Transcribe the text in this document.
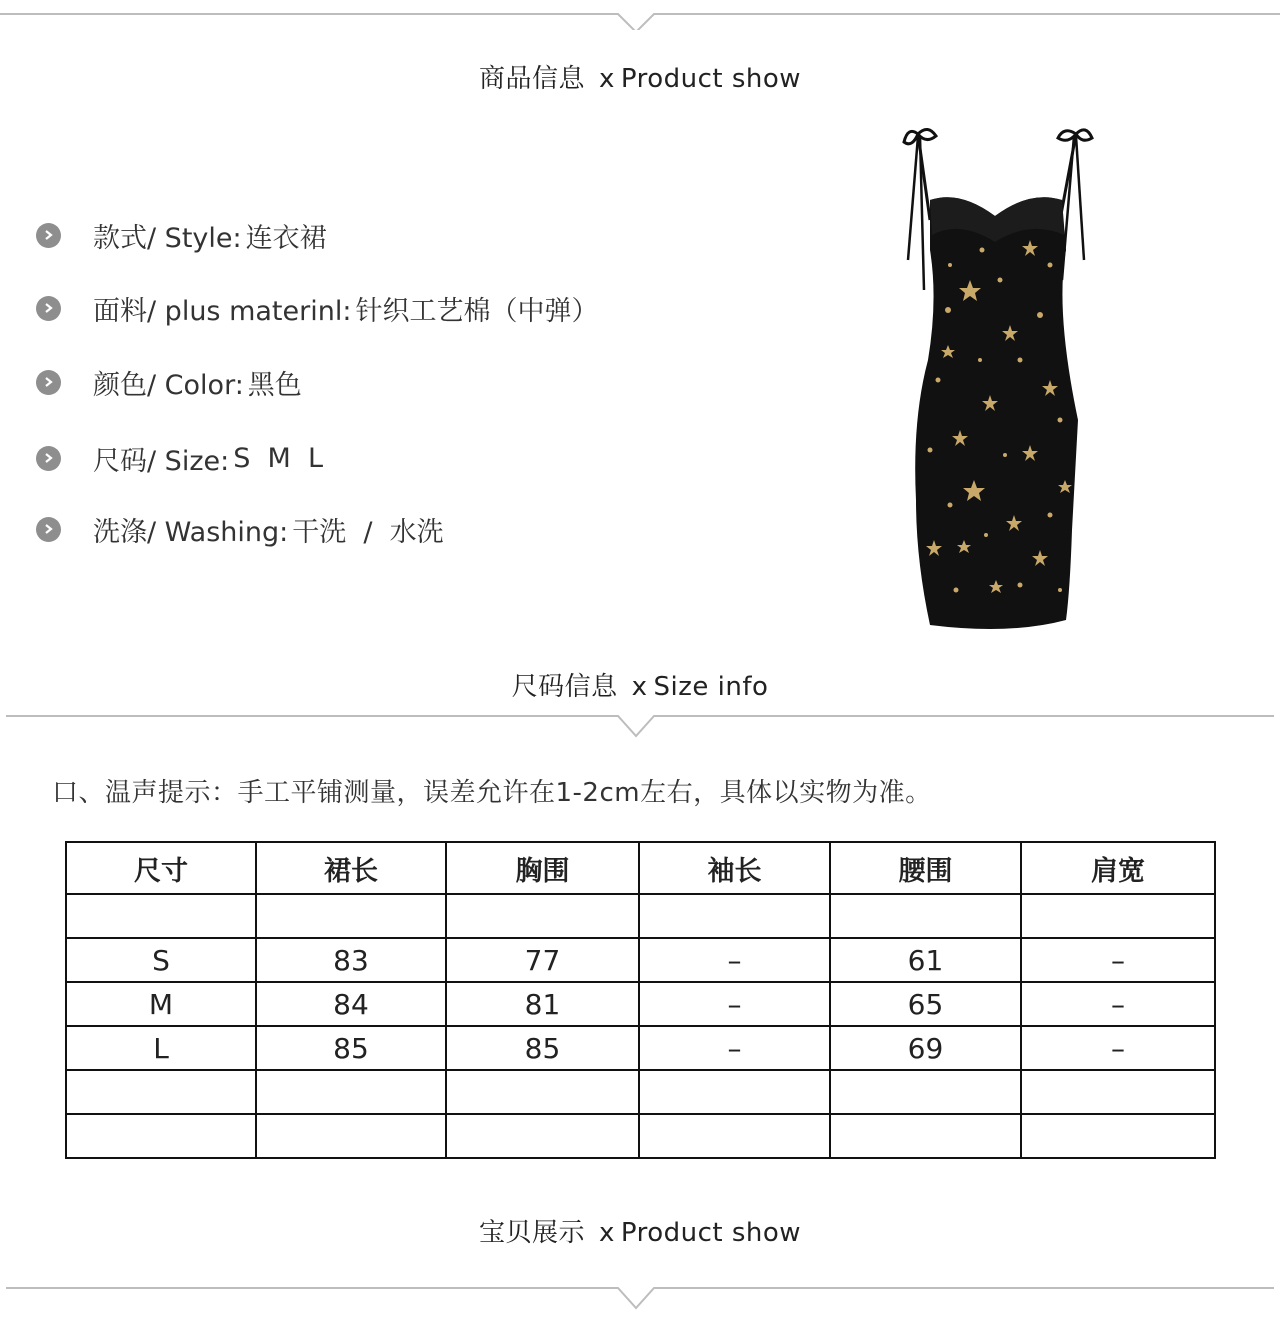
商品信息 x Product show
款式/ Style: 连衣裙
面料/ plus materinl: 针织工艺棉（中弹）
颜色/ Color: 黑色
尺码/ Size: S  M  L
洗涤/ Washing: 干洗  /  水洗
尺码信息 x Size info
口、温声提示：手工平铺测量，误差允许在1-2cm左右，具体以实物为准。
尺寸	裙长	胸围	袖长	腰围	肩宽

S	83	77	–	61	–
M	84	81	–	65	–
L	85	85	–	69	–

宝贝展示 x Product show
